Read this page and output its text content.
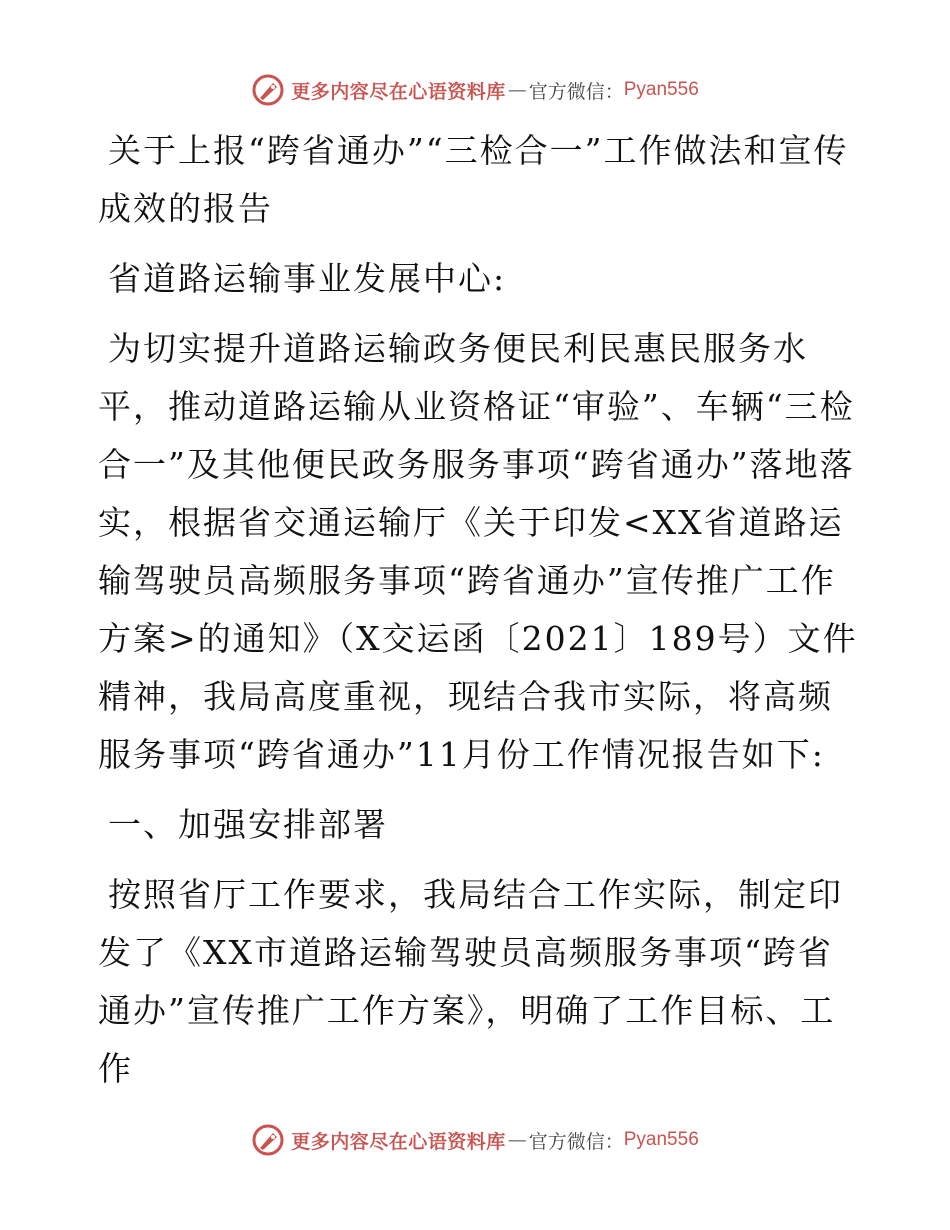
更多内容尽在心语资料库 — 官方微信： Pyan556

关于上报“跨省通办”“三检合一”工作做法和宣传成效的报告

省道路运输事业发展中心:

为切实提升道路运输政务便民利民惠民服务水平，推动道路运输从业资格证“审验”、车辆“三检合一”及其他便民政务服务事项“跨省通办”落地落实，根据省交通运输厅《关于印发<XX省道路运输驾驶员高频服务事项“跨省通办”宣传推广工作方案>的通知》（X交运函〔2021〕189号）文件精神，我局高度重视，现结合我市实际，将高频服务事项“跨省通办”11月份工作情况报告如下:

一、加强安排部署

按照省厅工作要求，我局结合工作实际，制定印发了《XX市道路运输驾驶员高频服务事项“跨省通办”宣传推广工作方案》，明确了工作目标、工作

更多内容尽在心语资料库 — 官方微信： Pyan556
